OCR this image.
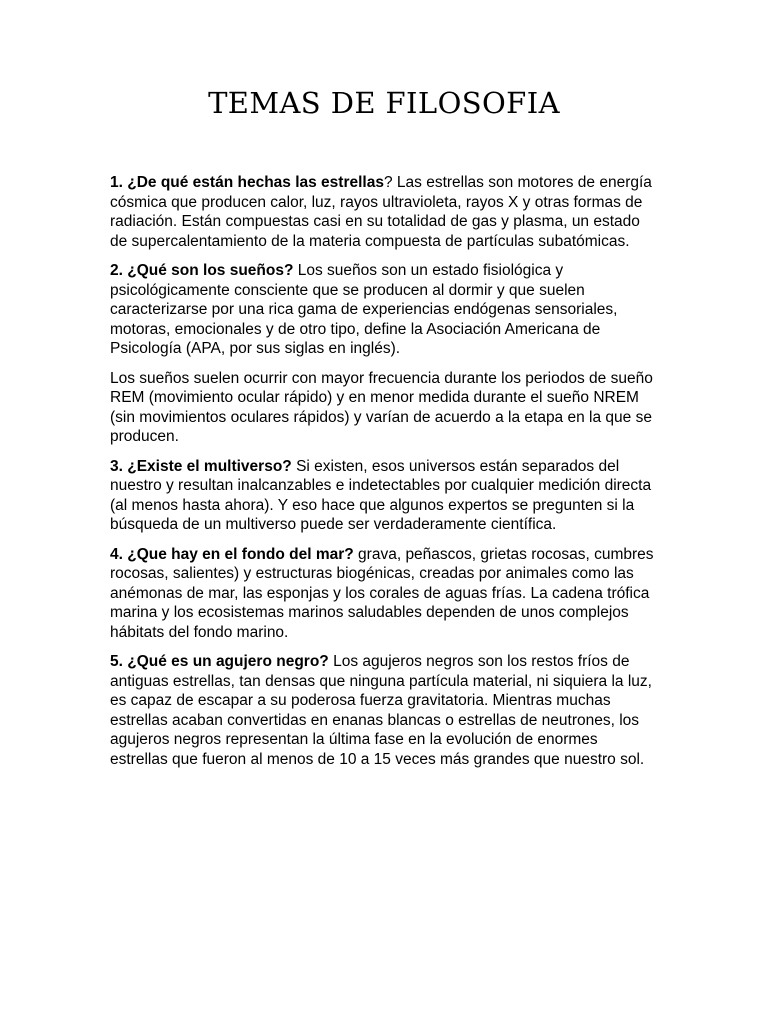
TEMAS DE FILOSOFIA

1. ¿De qué están hechas las estrellas? Las estrellas son motores de energía cósmica que producen calor, luz, rayos ultravioleta, rayos X y otras formas de radiación. Están compuestas casi en su totalidad de gas y plasma, un estado de supercalentamiento de la materia compuesta de partículas subatómicas.

2. ¿Qué son los sueños? Los sueños son un estado fisiológica y psicológicamente consciente que se producen al dormir y que suelen caracterizarse por una rica gama de experiencias endógenas sensoriales, motoras, emocionales y de otro tipo, define la Asociación Americana de Psicología (APA, por sus siglas en inglés).

Los sueños suelen ocurrir con mayor frecuencia durante los periodos de sueño REM (movimiento ocular rápido) y en menor medida durante el sueño NREM (sin movimientos oculares rápidos) y varían de acuerdo a la etapa en la que se producen.

3. ¿Existe el multiverso? Si existen, esos universos están separados del nuestro y resultan inalcanzables e indetectables por cualquier medición directa (al menos hasta ahora). Y eso hace que algunos expertos se pregunten si la búsqueda de un multiverso puede ser verdaderamente científica.

4. ¿Que hay en el fondo del mar? grava, peñascos, grietas rocosas, cumbres rocosas, salientes) y estructuras biogénicas, creadas por animales como las anémonas de mar, las esponjas y los corales de aguas frías. La cadena trófica marina y los ecosistemas marinos saludables dependen de unos complejos hábitats del fondo marino.

5. ¿Qué es un agujero negro? Los agujeros negros son los restos fríos de antiguas estrellas, tan densas que ninguna partícula material, ni siquiera la luz, es capaz de escapar a su poderosa fuerza gravitatoria. Mientras muchas estrellas acaban convertidas en enanas blancas o estrellas de neutrones, los agujeros negros representan la última fase en la evolución de enormes estrellas que fueron al menos de 10 a 15 veces más grandes que nuestro sol.
